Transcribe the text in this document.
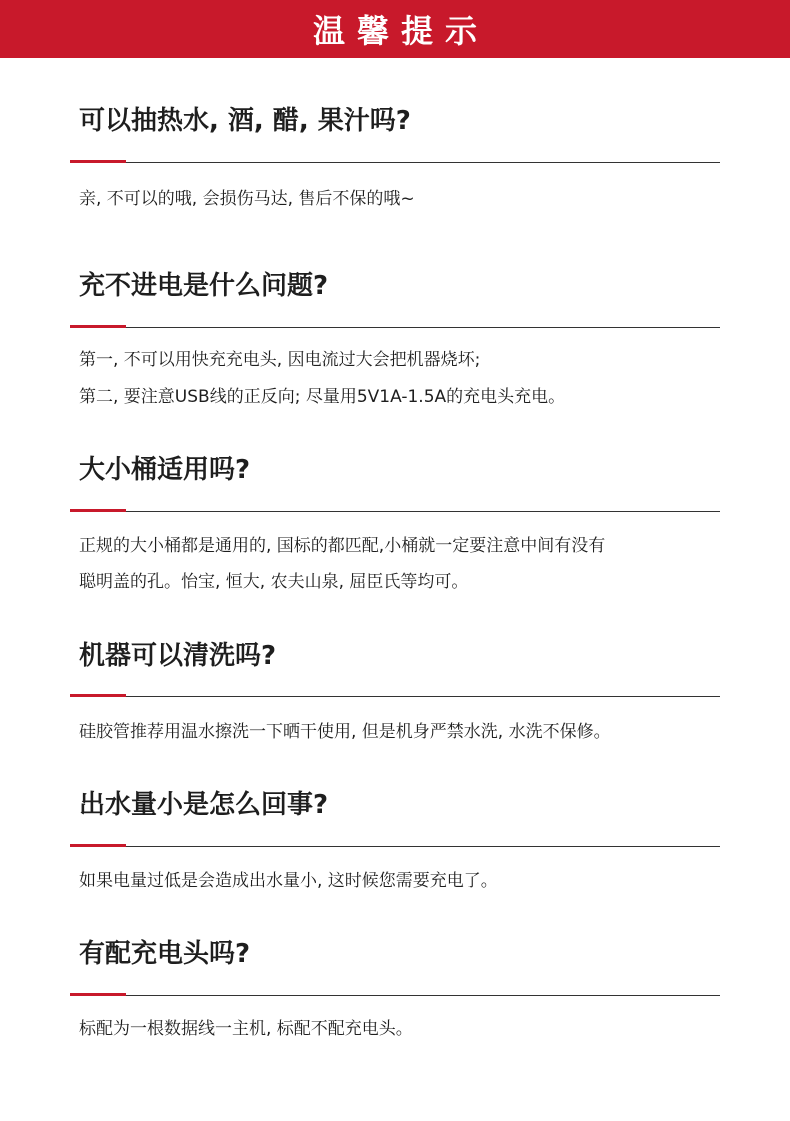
温馨提示
可以抽热水, 酒, 醋, 果汁吗?
亲, 不可以的哦, 会损伤马达, 售后不保的哦~
充不进电是什么问题?
第一, 不可以用快充充电头, 因电流过大会把机器烧坏;
第二, 要注意USB线的正反向; 尽量用5V1A-1.5A的充电头充电。
大小桶适用吗?
正规的大小桶都是通用的, 国标的都匹配,小桶就一定要注意中间有没有
聪明盖的孔。怡宝, 恒大, 农夫山泉, 屈臣氏等均可。
机器可以清洗吗?
硅胶管推荐用温水擦洗一下晒干使用, 但是机身严禁水洗, 水洗不保修。
出水量小是怎么回事?
如果电量过低是会造成出水量小, 这时候您需要充电了。
有配充电头吗?
标配为一根数据线一主机, 标配不配充电头。
